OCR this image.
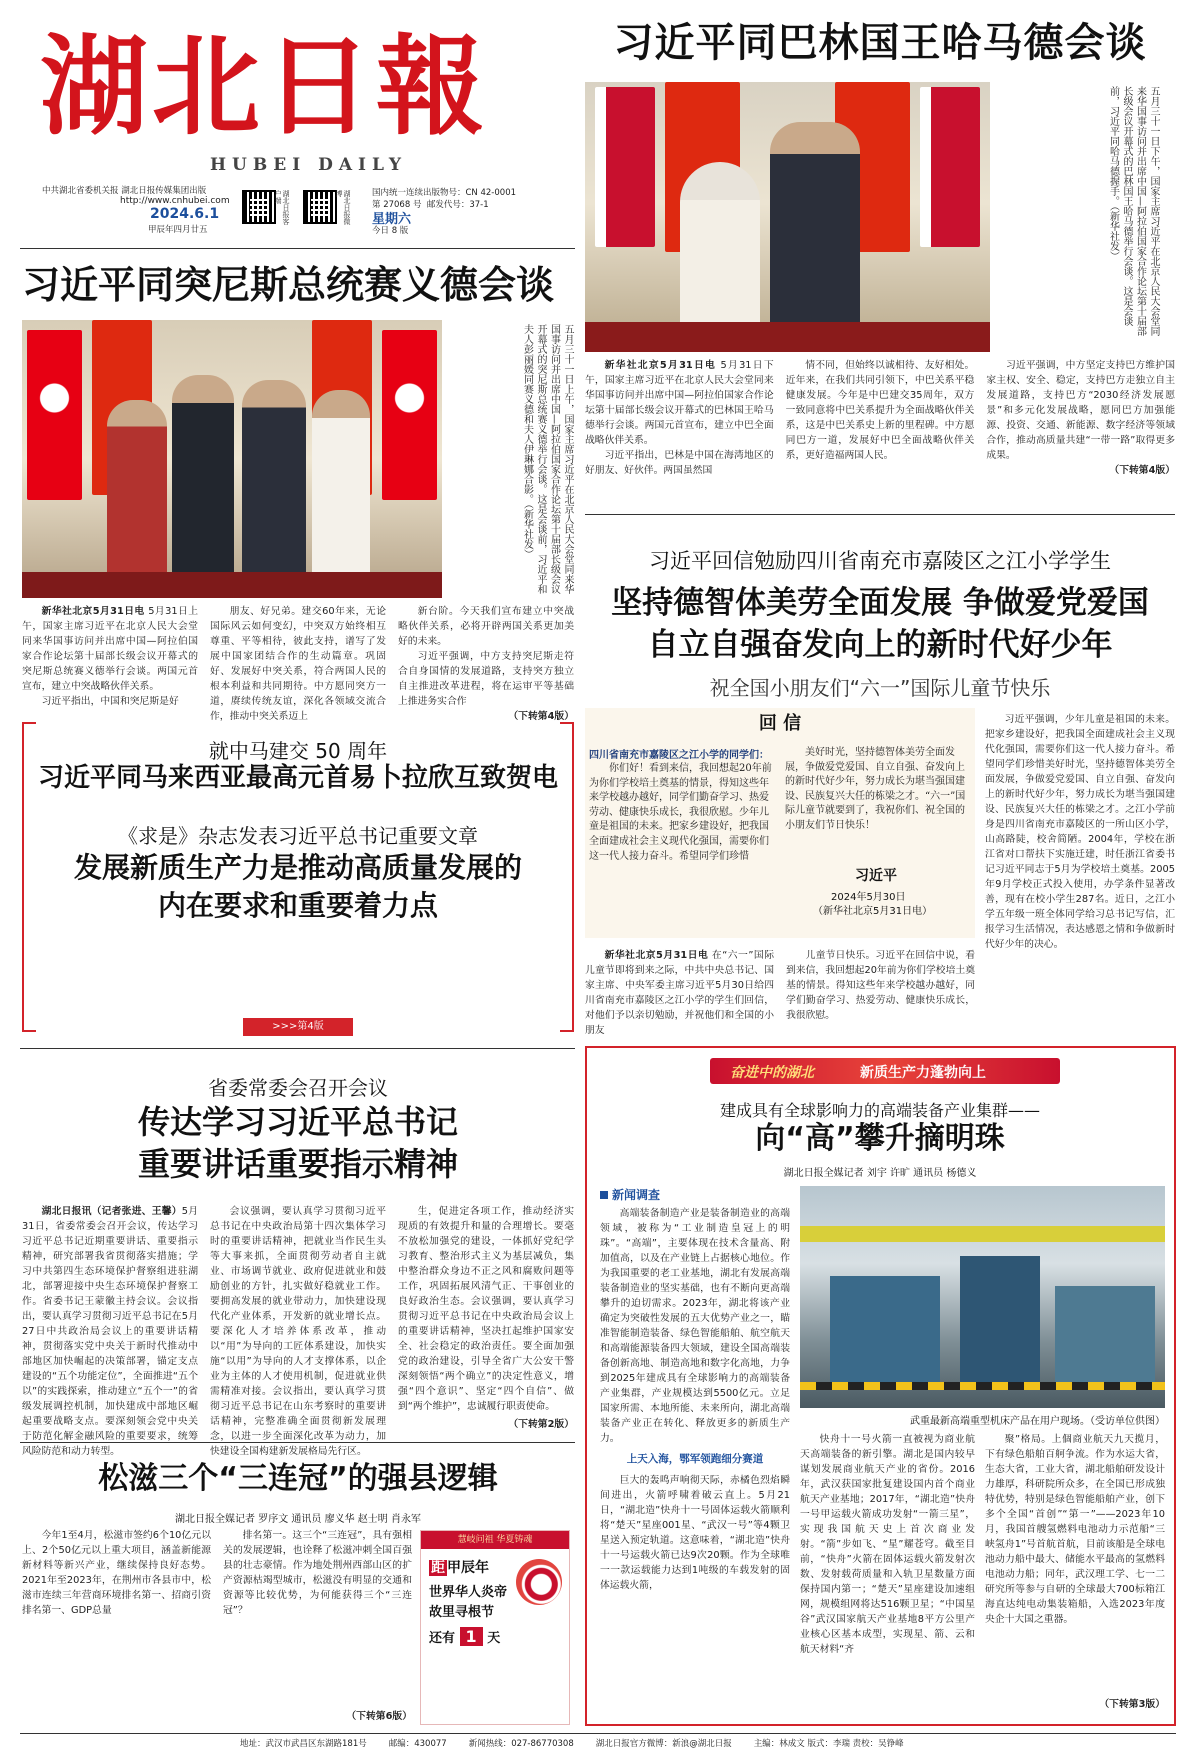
湖北日報
HUBEI DAILY
中共湖北省委机关报 湖北日报传媒集团出版
http://www.cnhubei.com
2024.6.1
甲辰年四月廿五
湖北日报客户端	湖北日报微博	国内统一连续出版物号：CN 42-0001
第 27068 号 邮发代号：37-1
星期六
今日 8 版
习近平同巴林国王哈马德会谈
五月三十一日下午，国家主席习近平在北京人民大会堂同来华国事访问并出席中国—阿拉伯国家合作论坛第十届部长级会议开幕式的巴林国王哈马德举行会谈。这是会谈前，习近平同哈马德握手。（新华社发）

新华社北京5月31日电 5月31日下午，国家主席习近平在北京人民大会堂同来华国事访问并出席中国—阿拉伯国家合作论坛第十届部长级会议开幕式的巴林国王哈马德举行会谈。两国元首宣布，建立中巴全面战略伙伴关系。

习近平指出，巴林是中国在海湾地区的好朋友、好伙伴。两国虽然国

情不同，但始终以诚相待、友好相处。近年来，在我们共同引领下，中巴关系平稳健康发展。今年是中巴建交35周年，双方一致同意将中巴关系提升为全面战略伙伴关系，这是中巴关系史上新的里程碑。中方愿同巴方一道，发展好中巴全面战略伙伴关系，更好造福两国人民。

习近平强调，中方坚定支持巴方维护国家主权、安全、稳定，支持巴方走独立自主发展道路，支持巴方“2030经济发展愿景”和多元化发展战略，愿同巴方加强能源、投资、交通、新能源、数字经济等领域合作，推动高质量共建“一带一路”取得更多成果。

（下转第4版）
习近平同突尼斯总统赛义德会谈
五月三十一日上午，国家主席习近平在北京人民大会堂同来华国事访问并出席中国—阿拉伯国家合作论坛第十届部长级会议开幕式的突尼斯总统赛义德举行会谈。这是会谈前，习近平和夫人彭丽媛同赛义德和夫人伊琳娜合影。（新华社发）

新华社北京5月31日电 5月31日上午，国家主席习近平在北京人民大会堂同来华国事访问并出席中国—阿拉伯国家合作论坛第十届部长级会议开幕式的突尼斯总统赛义德举行会谈。两国元首宣布，建立中突战略伙伴关系。

习近平指出，中国和突尼斯是好

朋友、好兄弟。建交60年来，无论国际风云如何变幻，中突双方始终相互尊重、平等相待，彼此支持，谱写了发展中国家团结合作的生动篇章。巩固好、发展好中突关系，符合两国人民的根本利益和共同期待。中方愿同突方一道，赓续传统友谊，深化各领域交流合作，推动中突关系迈上

新台阶。今天我们宣布建立中突战略伙伴关系，必将开辟两国关系更加美好的未来。

习近平强调，中方支持突尼斯走符合自身国情的发展道路，支持突方独立自主推进改革进程，将在运审平等基础上推进务实合作

（下转第4版）
就中马建交 50 周年
习近平同马来西亚最高元首易卜拉欣互致贺电
《求是》杂志发表习近平总书记重要文章
发展新质生产力是推动高质量发展的
内在要求和重要着力点
>>>第4版
习近平回信勉励四川省南充市嘉陵区之江小学学生
坚持德智体美劳全面发展 争做爱党爱国
自立自强奋发向上的新时代好少年
祝全国小朋友们“六一”国际儿童节快乐
回 信
四川省南充市嘉陵区之江小学的同学们：
你们好！看到来信，我回想起20年前为你们学校培土奠基的情景，得知这些年来学校越办越好，同学们勤奋学习、热爱劳动、健康快乐成长，我很欣慰。少年儿童是祖国的未来。把家乡建设好，把我国全面建成社会主义现代化强国，需要你们这一代人接力奋斗。希望同学们珍惜
美好时光，坚持德智体美劳全面发展，争做爱党爱国、自立自强、奋发向上的新时代好少年，努力成长为堪当强国建设、民族复兴大任的栋梁之才。“六一”国际儿童节就要到了，我祝你们、祝全国的小朋友们节日快乐！
习近平
2024年5月30日
（新华社北京5月31日电）
习近平强调，少年儿童是祖国的未来。把家乡建设好，把我国全面建成社会主义现代化强国，需要你们这一代人接力奋斗。希望同学们珍惜美好时光，坚持德智体美劳全面发展，争做爱党爱国、自立自强、奋发向上的新时代好少年，努力成长为堪当强国建设、民族复兴大任的栋梁之才。之江小学前身是四川省南充市嘉陵区的一所山区小学，山高路陡，校舍简陋。2004年，学校在浙江省对口帮扶下实施迁建，时任浙江省委书记习近平同志于5月为学校培土奠基。2005年9月学校正式投入使用，办学条件显著改善，现有在校小学生287名。近日，之江小学五年级一班全体同学给习总书记写信，汇报学习生活情况，表达感恩之情和争做新时代好少年的决心。

新华社北京5月31日电 在“六一”国际儿童节即将到来之际，中共中央总书记、国家主席、中央军委主席习近平5月30日给四川省南充市嘉陵区之江小学的学生们回信，对他们予以亲切勉励，并祝他们和全国的小朋友

儿童节日快乐。习近平在回信中说，看到来信，我回想起20年前为你们学校培土奠基的情景。得知这些年来学校越办越好，同学们勤奋学习、热爱劳动、健康快乐成长，我很欣慰。

省委常委会召开会议
传达学习习近平总书记
重要讲话重要指示精神

湖北日报讯（记者张进、王馨）5月31日，省委常委会召开会议，传达学习习近平总书记近期重要讲话、重要指示精神，研究部署我省贯彻落实措施；学习中共第四生态环境保护督察组进驻湖北，部署迎接中央生态环境保护督察工作。省委书记王蒙徽主持会议。会议指出，要认真学习贯彻习近平总书记在5月27日中共政治局会议上的重要讲话精神，贯彻落实党中央关于新时代推动中部地区加快崛起的决策部署，锚定支点建设的“五个功能定位”，全面推进“五个以”的实践探索，推动建立“五个一”的省级发展调控机制，加快建成中部地区崛起重要战略支点。要深刻领会党中央关于防范化解金融风险的重要要求，统筹风险防范和动力转型。

会议强调，要认真学习贯彻习近平总书记在中央政治局第十四次集体学习时的重要讲话精神，把就业当作民生头等大事来抓，全面贯彻劳动者自主就业、市场调节就业、政府促进就业和鼓励创业的方针，扎实做好稳就业工作。要拥高发展的就业带动力，加快建设现代化产业体系，开发新的就业增长点。要深化人才培养体系改革，推动以“用”为导向的工匠体系建设，加快实施“以用”为导向的人才支撑体系，以企业为主体的人才使用机制，促进就业供需精准对接。会议指出，要认真学习贯彻习近平总书记在山东考察时的重要讲话精神，完整准确全面贯彻新发展理念，以进一步全面深化改革为动力，加快建设全国构建新发展格局先行区。

生，促进定各项工作，推动经济实现质的有效提升和量的合理增长。要毫不放松加强党的建设，一体抓好党纪学习教育、整治形式主义为基层减负，集中整治群众身边不正之风和腐败问题等工作，巩固拓展风清气正、干事创业的良好政治生态。会议强调，要认真学习贯彻习近平总书记在中央政治局会议上的重要讲话精神，坚决扛起维护国家安全、社会稳定的政治责任。要全面加强党的政治建设，引导全省广大公安干警深刻领悟“两个确立”的决定性意义，增强“四个意识”、坚定“四个自信”、做到“两个维护”，忠诚履行职责使命。

（下转第2版）
松滋三个“三连冠”的强县逻辑
湖北日报全媒记者 罗序文 通讯员 廖义华 赵士明 肖永军

今年1至4月，松滋市签约6个10亿元以上、2个50亿元以上重大项目，涵盖新能源新材料等新兴产业，继续保持良好态势。2021年至2023年，在荆州市各县市中，松滋市连续三年营商环境排名第一、招商引资排名第一、GDP总量

排名第一。这三个“三连冠”，具有强相关的发展逻辑，也诠释了松滋冲刺全国百强县的壮志豪情。作为地处荆州西部山区的扩产资源枯竭型城市，松滋没有明显的交通和资源等比较优势，为何能获得三个“三连冠”？

（下转第6版）
慧岐问祖 华夏铸魂
距 甲辰年
世界华人炎帝
故里寻根节
还有 1 天
奋进中的湖北	新质生产力蓬勃向上
建成具有全球影响力的高端装备产业集群——
向“高”攀升摘明珠
湖北日报全媒记者 刘宇 许旷 通讯员 杨德义
新闻调查

高端装备制造产业是装备制造业的高端领域，被称为“工业制造皇冠上的明珠”。“高端”，主要体现在技术含量高、附加值高，以及在产业链上占据核心地位。作为我国重要的老工业基地，湖北有发展高端装备制造业的坚实基础，也有不断向更高端攀升的迫切需求。2023年，湖北将该产业确定为突破性发展的五大优势产业之一，瞄准智能制造装备、绿色智能船舶、航空航天和高端能源装备四大领域，建设全国高端装备创新高地、制造高地和数字化高地，力争到2025年建成具有全球影响力的高端装备产业集群，产业规模达到5500亿元。立足国家所需、本地所能、未来所向，湖北高端装备产业正在转化、释放更多的新质生产力。

上天入海，鄂军领跑细分赛道

巨大的轰鸣声响彻天际，赤橘色烈焰瞬间进出，火箭呼啸着破云直上。5月21日，“湖北造”快舟十一号固体运载火箭顺利将“楚天”星座001星、“武汉一号”等4颗卫星送入预定轨道。这意味着，“湖北造”快舟十一号运载火箭已达9次20颗。作为全球唯一一款运载能力达到1吨级的车载发射的固体运载火箭，

武重最新高端重型机床产品在用户现场。（受访单位供图）
快舟十一号火箭一直被视为商业航天高端装备的新引擎。湖北是国内较早谋划发展商业航天产业的省份。2016年，武汉获国家批复建设国内首个商业航天产业基地；2017年，“湖北造”快舟一号甲运载火箭成功发射“一箭三星”，实现我国航天史上首次商业发射。“箭”步如飞、“星”耀苍穹。截至目前，“快舟”火箭在固体运载火箭发射次数、发射载荷质量和入轨卫星数量方面保持国内第一；“楚天”星座建设加速组网，规模组网将达516颗卫星；“中国星谷”武汉国家航天产业基地8平方公里产业核心区基本成型，实现星、箭、云和航天材料“齐

聚”格局。上個商业航天九天揽月，下有绿色船舶百舸争流。作为水运大省，生态大省，工业大省，湖北船舶研发设计力雄厚，科研院所众多，在全国已形成独特优势，特别是绿色智能船舶产业，创下多个全国“首创”“第一”——2023年10月，我国首艘氢燃料电池动力示范船“三峡氢舟1”号首航首航，目前该船是全球电池动力船中最大、储能水平最高的氢燃料电池动力船；同年，武汉理工学、七一二研究所等参与自研的全球最大700标箱江海直达纯电动集装箱船，入选2023年度央企十大国之重器。

（下转第3版）
地址：武汉市武昌区东湖路181号	邮编：430077	新闻热线：027-86770308	湖北日报官方微博：新浪@湖北日报	主编：林成文 版式：李瑞 责校：吴铮峰
